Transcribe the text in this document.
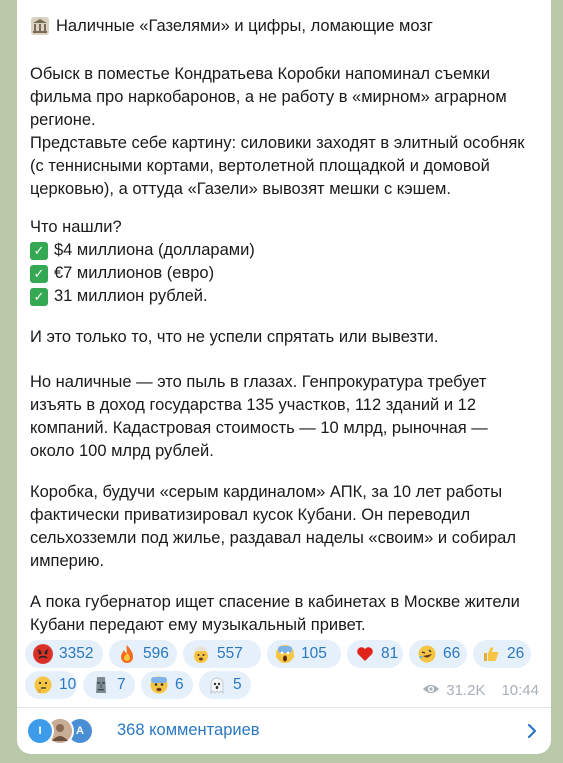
Наличные «Газелями» и цифры, ломающие мозг
Обыск в поместье Кондратьева Коробки напоминал съемки
фильма про наркобаронов, а не работу в «мирном» аграрном
регионе.
Представьте себе картину: силовики заходят в элитный особняк
(с теннисными кортами, вертолетной площадкой и домовой
церковью), а оттуда «Газели» вывозят мешки с кэшем.
Что нашли?
✓ $4 миллиона (долларами)
✓ €7 миллионов (евро)
✓ 31 миллион рублей.
И это только то, что не успели спрятать или вывезти.
Но наличные — это пыль в глазах. Генпрокуратура требует
изъять в доход государства 135 участков, 112 зданий и 12
компаний. Кадастровая стоимость — 10 млрд, рыночная —
около 100 млрд рублей.
Коробка, будучи «серым кардиналом» АПК, за 10 лет работы
фактически приватизировал кусок Кубани. Он переводил
сельхозземли под жилье, раздавал наделы «своим» и собирал
империю.
А пока губернатор ищет спасение в кабинетах в Москве жители
Кубани передают ему музыкальный привет.
3352	596	557	105	81	66	26
10	7	6	5	31.2K 10:44
I	A 368 комментариев
